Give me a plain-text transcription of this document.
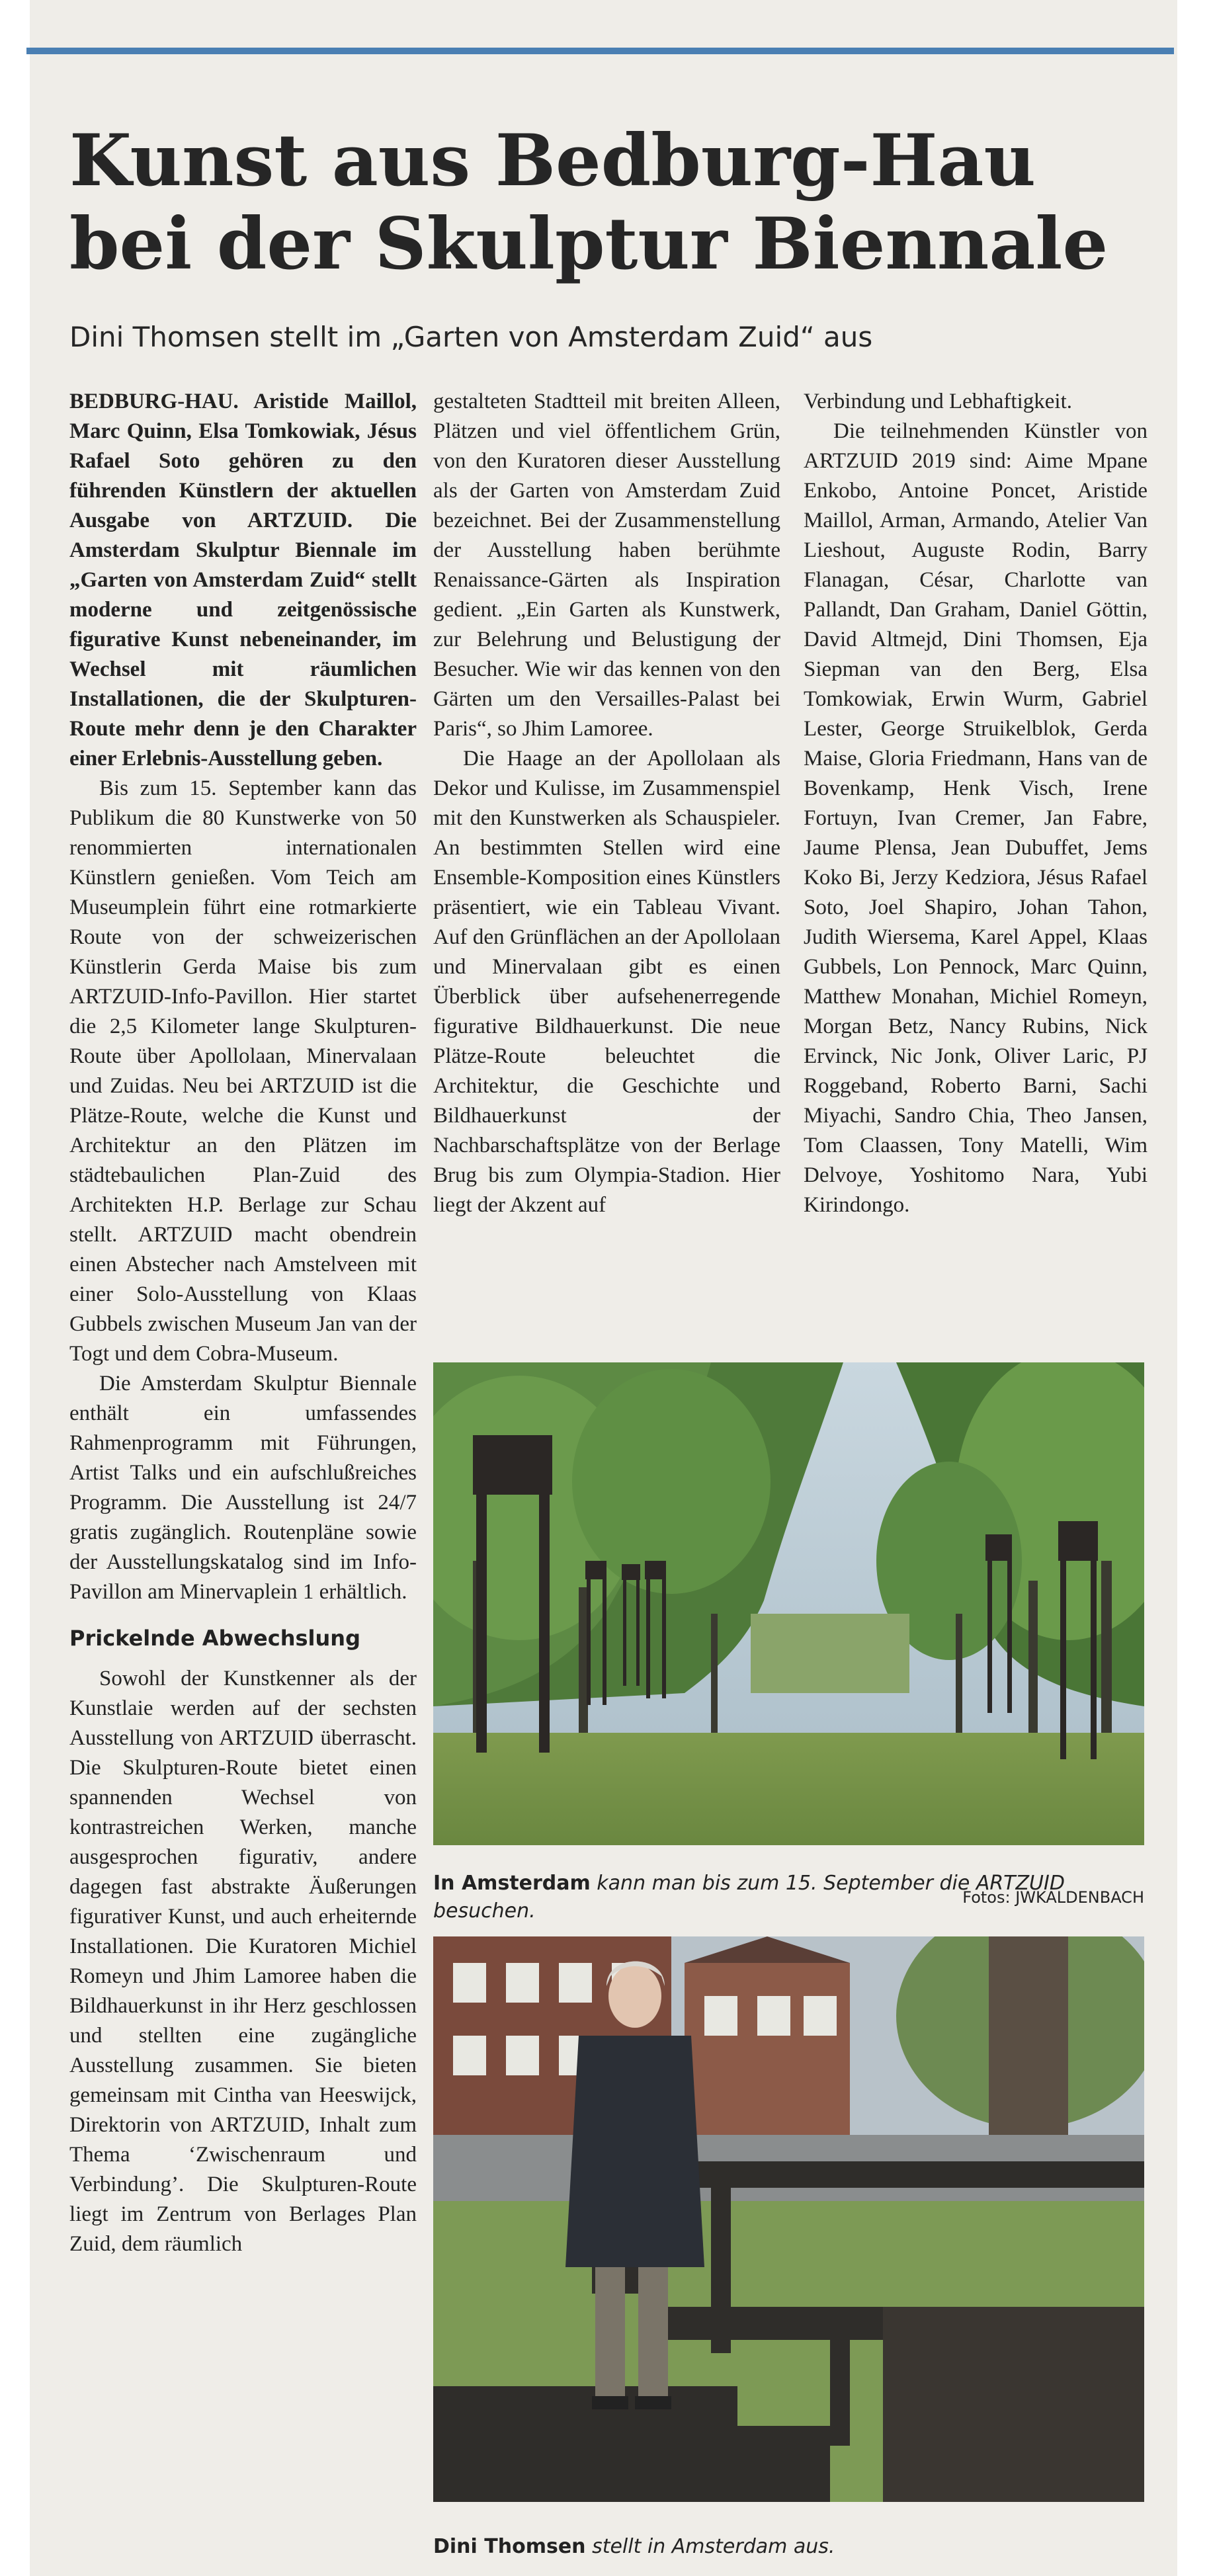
Kunst aus Bedburg-Hau bei der Skulptur Biennale
Dini Thomsen stellt im „Garten von Amsterdam Zuid“ aus

BEDBURG-HAU. Aristide Maillol, Marc Quinn, Elsa Tomkowiak, Jésus Rafael Soto gehören zu den führenden Künstlern der aktuellen Ausgabe von ARTZUID. Die Amsterdam Skulptur Biennale im „Garten von Amsterdam Zuid“ stellt moderne und zeitgenössische figurative Kunst nebeneinander, im Wechsel mit räumlichen Installationen, die der Skulpturen-Route mehr denn je den Charakter einer Erlebnis-Ausstellung geben.

Bis zum 15. September kann das Publikum die 80 Kunstwerke von 50 renommierten internationalen Künstlern genießen. Vom Teich am Museumplein führt eine rotmarkierte Route von der schweizerischen Künstlerin Gerda Maise bis zum ARTZUID-Info-Pavillon. Hier startet die 2,5 Kilometer lange Skulpturen-Route über Apollolaan, Minervalaan und Zuidas. Neu bei ARTZUID ist die Plätze-Route, welche die Kunst und Architektur an den Plätzen im städtebaulichen Plan-Zuid des Architekten H.P. Berlage zur Schau stellt. ARTZUID macht obendrein einen Abstecher nach Amstelveen mit einer Solo-Ausstellung von Klaas Gubbels zwischen Museum Jan van der Togt und dem Cobra-Museum.

Die Amsterdam Skulptur Biennale enthält ein umfassendes Rahmenprogramm mit Führungen, Artist Talks und ein aufschlußreiches Programm. Die Ausstellung ist 24/7 gratis zugänglich. Routenpläne sowie der Ausstellungskatalog sind im Info-Pavillon am Minervaplein 1 erhältlich.

Prickelnde Abwechslung

Sowohl der Kunstkenner als der Kunstlaie werden auf der sechsten Ausstellung von ARTZUID überrascht. Die Skulpturen-Route bietet einen spannenden Wechsel von kontrastreichen Werken, manche ausgesprochen figurativ, andere dagegen fast abstrakte Äußerungen figurativer Kunst, und auch erheiternde Installationen. Die Kuratoren Michiel Romeyn und Jhim Lamoree haben die Bildhauerkunst in ihr Herz geschlossen und stellten eine zugängliche Ausstellung zusammen. Sie bieten gemeinsam mit Cintha van Heeswijck, Direktorin von ARTZUID, Inhalt zum Thema ‘Zwischenraum und Verbindung’. Die Skulpturen-Route liegt im Zentrum von Berlages Plan Zuid, dem räumlich

gestalteten Stadtteil mit breiten Alleen, Plätzen und viel öffentlichem Grün, von den Kuratoren dieser Ausstellung als der Garten von Amsterdam Zuid bezeichnet. Bei der Zusammenstellung der Ausstellung haben berühmte Renaissance-Gärten als Inspiration gedient. „Ein Garten als Kunstwerk, zur Belehrung und Belustigung der Besucher. Wie wir das kennen von den Gärten um den Versailles-Palast bei Paris“, so Jhim Lamoree.

Die Haage an der Apollolaan als Dekor und Kulisse, im Zusammenspiel mit den Kunstwerken als Schauspieler. An bestimmten Stellen wird eine Ensemble-Komposition eines Künstlers präsentiert, wie ein Tableau Vivant. Auf den Grünflächen an der Apollolaan und Minervalaan gibt es einen Überblick über aufsehenerregende figurative Bildhauerkunst. Die neue Plätze-Route beleuchtet die Architektur, die Geschichte und Bildhauerkunst der Nachbarschaftsplätze von der Berlage Brug bis zum Olympia-Stadion. Hier liegt der Akzent auf

Verbindung und Lebhaftigkeit.

Die teilnehmenden Künstler von ARTZUID 2019 sind: Aime Mpane Enkobo, Antoine Poncet, Aristide Maillol, Arman, Armando, Atelier Van Lieshout, Auguste Rodin, Barry Flanagan, César, Charlotte van Pallandt, Dan Graham, Daniel Göttin, David Altmejd, Dini Thomsen, Eja Siepman van den Berg, Elsa Tomkowiak, Erwin Wurm, Gabriel Lester, George Struikelblok, Gerda Maise, Gloria Friedmann, Hans van de Bovenkamp, Henk Visch, Irene Fortuyn, Ivan Cremer, Jan Fabre, Jaume Plensa, Jean Dubuffet, Jems Koko Bi, Jerzy Kedziora, Jésus Rafael Soto, Joel Shapiro, Johan Tahon, Judith Wiersema, Karel Appel, Klaas Gubbels, Lon Pennock, Marc Quinn, Matthew Monahan, Michiel Romeyn, Morgan Betz, Nancy Rubins, Nick Ervinck, Nic Jonk, Oliver Laric, PJ Roggeband, Roberto Barni, Sachi Miyachi, Sandro Chia, Theo Jansen, Tom Claassen, Tony Matelli, Wim Delvoye, Yoshitomo Nara, Yubi Kirindongo.

In Amsterdam kann man bis zum 15. September die ARTZUID besuchen.

Fotos: JWKALDENBACH

Dini Thomsen stellt in Amsterdam aus.
